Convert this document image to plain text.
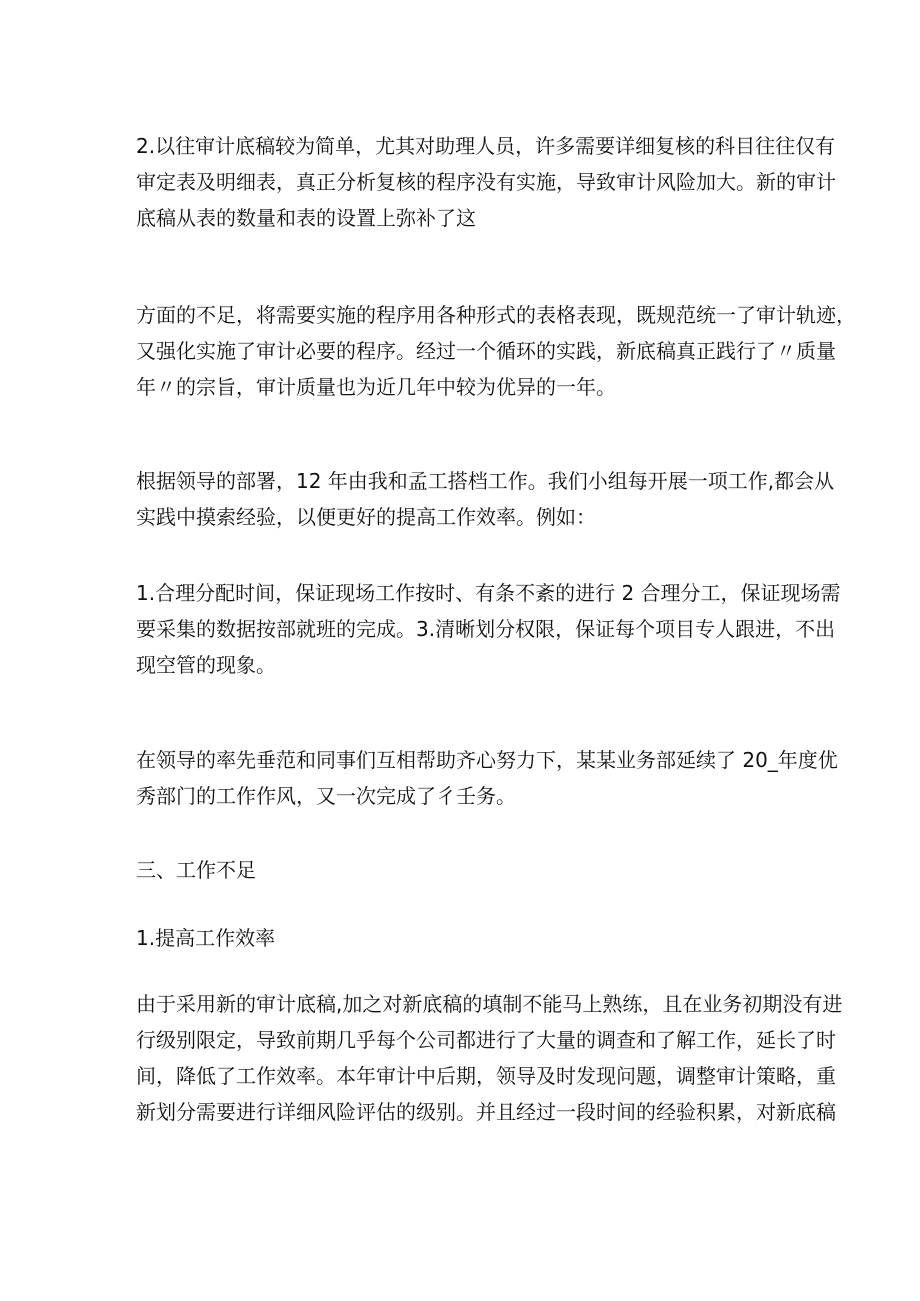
2.以往审计底稿较为简单，尤其对助理人员，许多需要详细复核的科目往往仅有
审定表及明细表，真正分析复核的程序没有实施，导致审计风险加大。新的审计
底稿从表的数量和表的设置上弥补了这

方面的不足，将需要实施的程序用各种形式的表格表现，既规范统一了审计轨迹，
又强化实施了审计必要的程序。经过一个循环的实践，新底稿真正践行了〃质量
年〃的宗旨，审计质量也为近几年中较为优异的一年。

根据领导的部署，12 年由我和孟工搭档工作。我们小组每开展一项工作,都会从
实践中摸索经验，以便更好的提高工作效率。例如：

1.合理分配时间，保证现场工作按时、有条不紊的进行 2 合理分工，保证现场需
要采集的数据按部就班的完成。3.清晰划分权限，保证每个项目专人跟进，不出
现空管的现象。

在领导的率先垂范和同事们互相帮助齐心努力下，某某业务部延续了 20_年度优
秀部门的工作作风，又一次完成了彳壬务。

三、工作不足
1.提高工作效率

由于采用新的审计底稿,加之对新底稿的填制不能马上熟练，且在业务初期没有进
行级别限定，导致前期几乎每个公司都进行了大量的调查和了解工作，延长了时
间，降低了工作效率。本年审计中后期，领导及时发现问题，调整审计策略，重
新划分需要进行详细风险评估的级别。并且经过一段时间的经验积累，对新底稿
